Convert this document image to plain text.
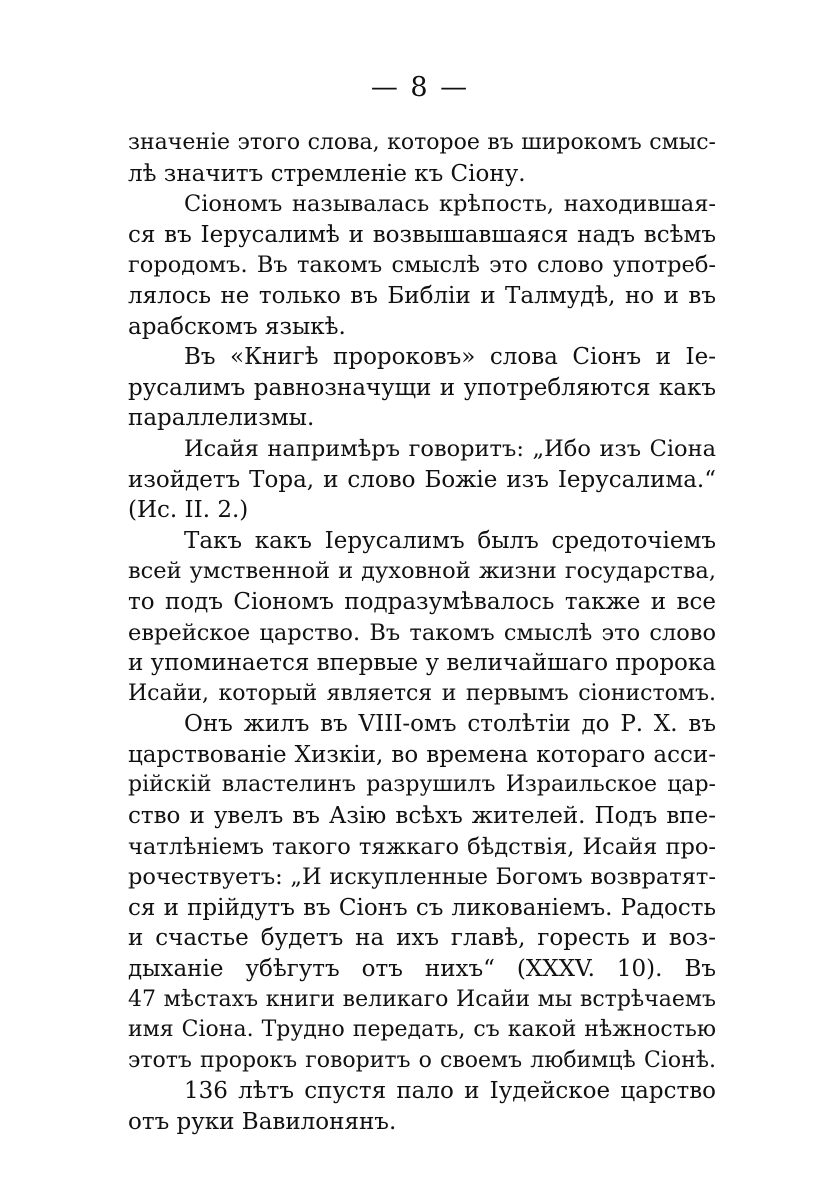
— 8 —
значеніе этого слова, которое въ широкомъ смыс-
лѣ значитъ стремленіе къ Сіону.
Сіономъ называлась крѣпость, находившая-
ся въ Іерусалимѣ и возвышавшаяся надъ всѣмъ
городомъ. Въ такомъ смыслѣ это слово употреб-
лялось не только въ Библіи и Талмудѣ, но и въ
арабскомъ языкѣ.
Въ «Книгѣ пророковъ» слова Сіонъ и Іе-
русалимъ равнозначущи и употребляются какъ
параллелизмы.
Исайя напримѣръ говоритъ: „Ибо изъ Сіона
изойдетъ Тора, и слово Божіе изъ Іерусалима.“
(Ис. II. 2.)
Такъ какъ Іерусалимъ былъ средоточіемъ
всей умственной и духовной жизни государства,
то подъ Сіономъ подразумѣвалось также и все
еврейское царство. Въ такомъ смыслѣ это слово
и упоминается впервые у величайшаго пророка
Исайи, который является и первымъ сіонистомъ.
Онъ жилъ въ VIII-омъ столѣтіи до Р. Х. въ
царствованіе Хизкіи, во времена котораго асси-
рійскій властелинъ разрушилъ Израильское цар-
ство и увелъ въ Азію всѣхъ жителей. Подъ впе-
чатлѣніемъ такого тяжкаго бѣдствія, Исайя про-
рочествуетъ: „И искупленные Богомъ возвратят-
ся и прійдутъ въ Сіонъ съ ликованіемъ. Радость
и счастье будетъ на ихъ главѣ, горесть и воз-
дыханіе убѣгутъ отъ нихъ“ (XXXV. 10). Въ
47 мѣстахъ книги великаго Исайи мы встрѣчаемъ
имя Сіона. Трудно передать, съ какой нѣжностью
этотъ пророкъ говоритъ о своемъ любимцѣ Сіонѣ.
136 лѣтъ спустя пало и Іудейское царство
отъ руки Вавилонянъ.
